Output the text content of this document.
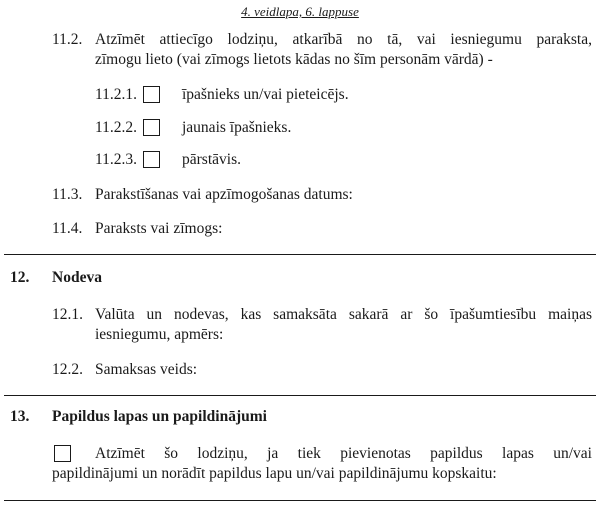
4. veidlapa, 6. lappuse
11.2. Atzīmēt attiecīgo lodziņu, atkarībā no tā, vai iesniegumu paraksta,
zīmogu lieto (vai zīmogs lietots kādas no šīm personām vārdā) -
11.2.1.	īpašnieks un/vai pieteicējs.
11.2.2.	jaunais īpašnieks.
11.2.3.	pārstāvis.
11.3. Parakstīšanas vai apzīmogošanas datums:
11.4. Paraksts vai zīmogs:
12. Nodeva
12.1. Valūta un nodevas, kas samaksāta sakarā ar šo īpašumtiesību maiņas
iesniegumu, apmērs:
12.2. Samaksas veids:
13. Papildus lapas un papildinājumi
Atzīmēt šo lodziņu, ja tiek pievienotas papildus lapas un/vai
papildinājumi un norādīt papildus lapu un/vai papildinājumu kopskaitu:
